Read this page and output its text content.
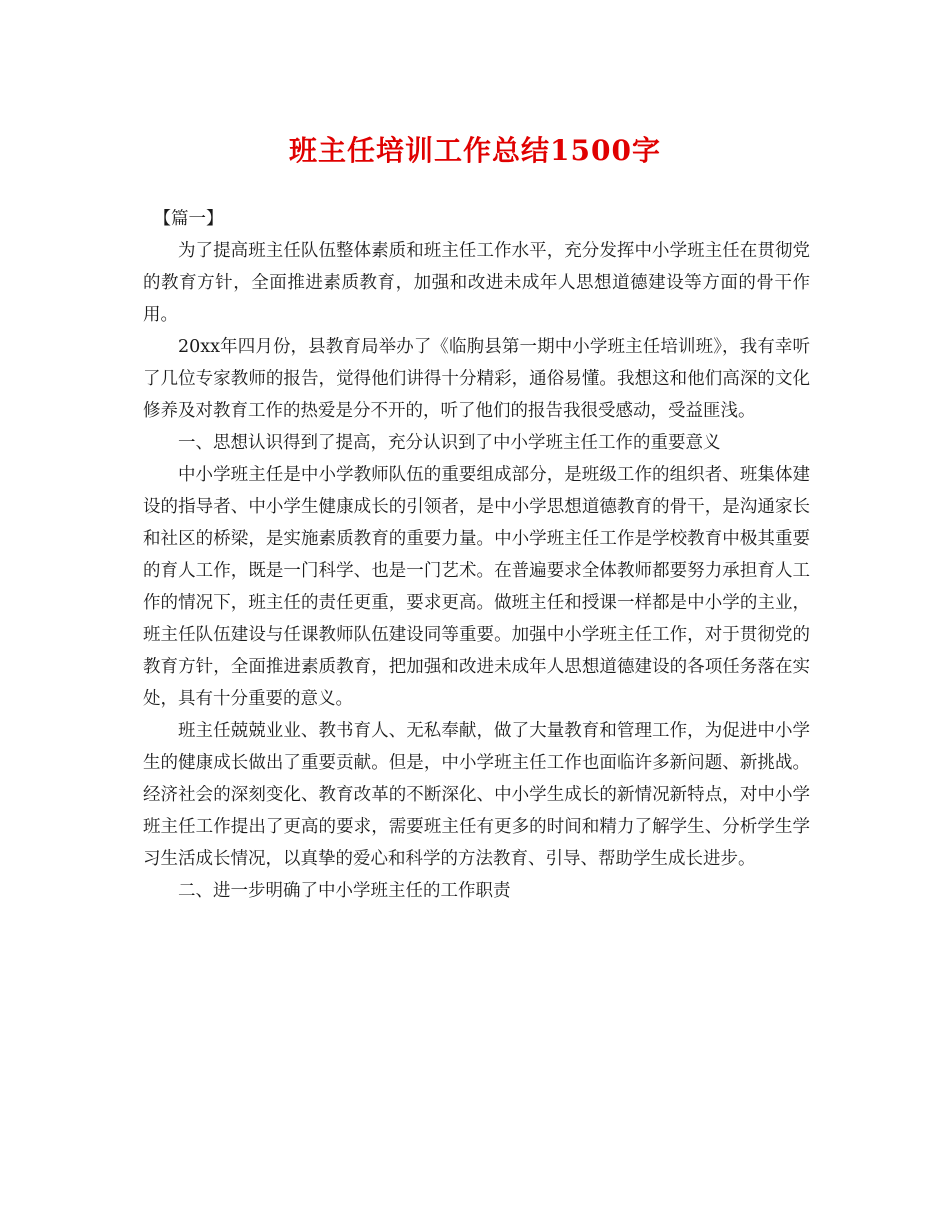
班主任培训工作总结1500字

【篇一】

为了提高班主任队伍整体素质和班主任工作水平，充分发挥中小学班主任在贯彻党的教育方针，全面推进素质教育，加强和改进未成年人思想道德建设等方面的骨干作用。

20xx年四月份，县教育局举办了《临朐县第一期中小学班主任培训班》，我有幸听了几位专家教师的报告，觉得他们讲得十分精彩，通俗易懂。我想这和他们高深的文化修养及对教育工作的热爱是分不开的，听了他们的报告我很受感动，受益匪浅。

一、思想认识得到了提高，充分认识到了中小学班主任工作的重要意义

中小学班主任是中小学教师队伍的重要组成部分，是班级工作的组织者、班集体建设的指导者、中小学生健康成长的引领者，是中小学思想道德教育的骨干，是沟通家长和社区的桥梁，是实施素质教育的重要力量。中小学班主任工作是学校教育中极其重要的育人工作，既是一门科学、也是一门艺术。在普遍要求全体教师都要努力承担育人工作的情况下，班主任的责任更重，要求更高。做班主任和授课一样都是中小学的主业，班主任队伍建设与任课教师队伍建设同等重要。加强中小学班主任工作，对于贯彻党的教育方针，全面推进素质教育，把加强和改进未成年人思想道德建设的各项任务落在实处，具有十分重要的意义。

班主任兢兢业业、教书育人、无私奉献，做了大量教育和管理工作，为促进中小学生的健康成长做出了重要贡献。但是，中小学班主任工作也面临许多新问题、新挑战。经济社会的深刻变化、教育改革的不断深化、中小学生成长的新情况新特点，对中小学班主任工作提出了更高的要求，需要班主任有更多的时间和精力了解学生、分析学生学习生活成长情况，以真挚的爱心和科学的方法教育、引导、帮助学生成长进步。

二、进一步明确了中小学班主任的工作职责
